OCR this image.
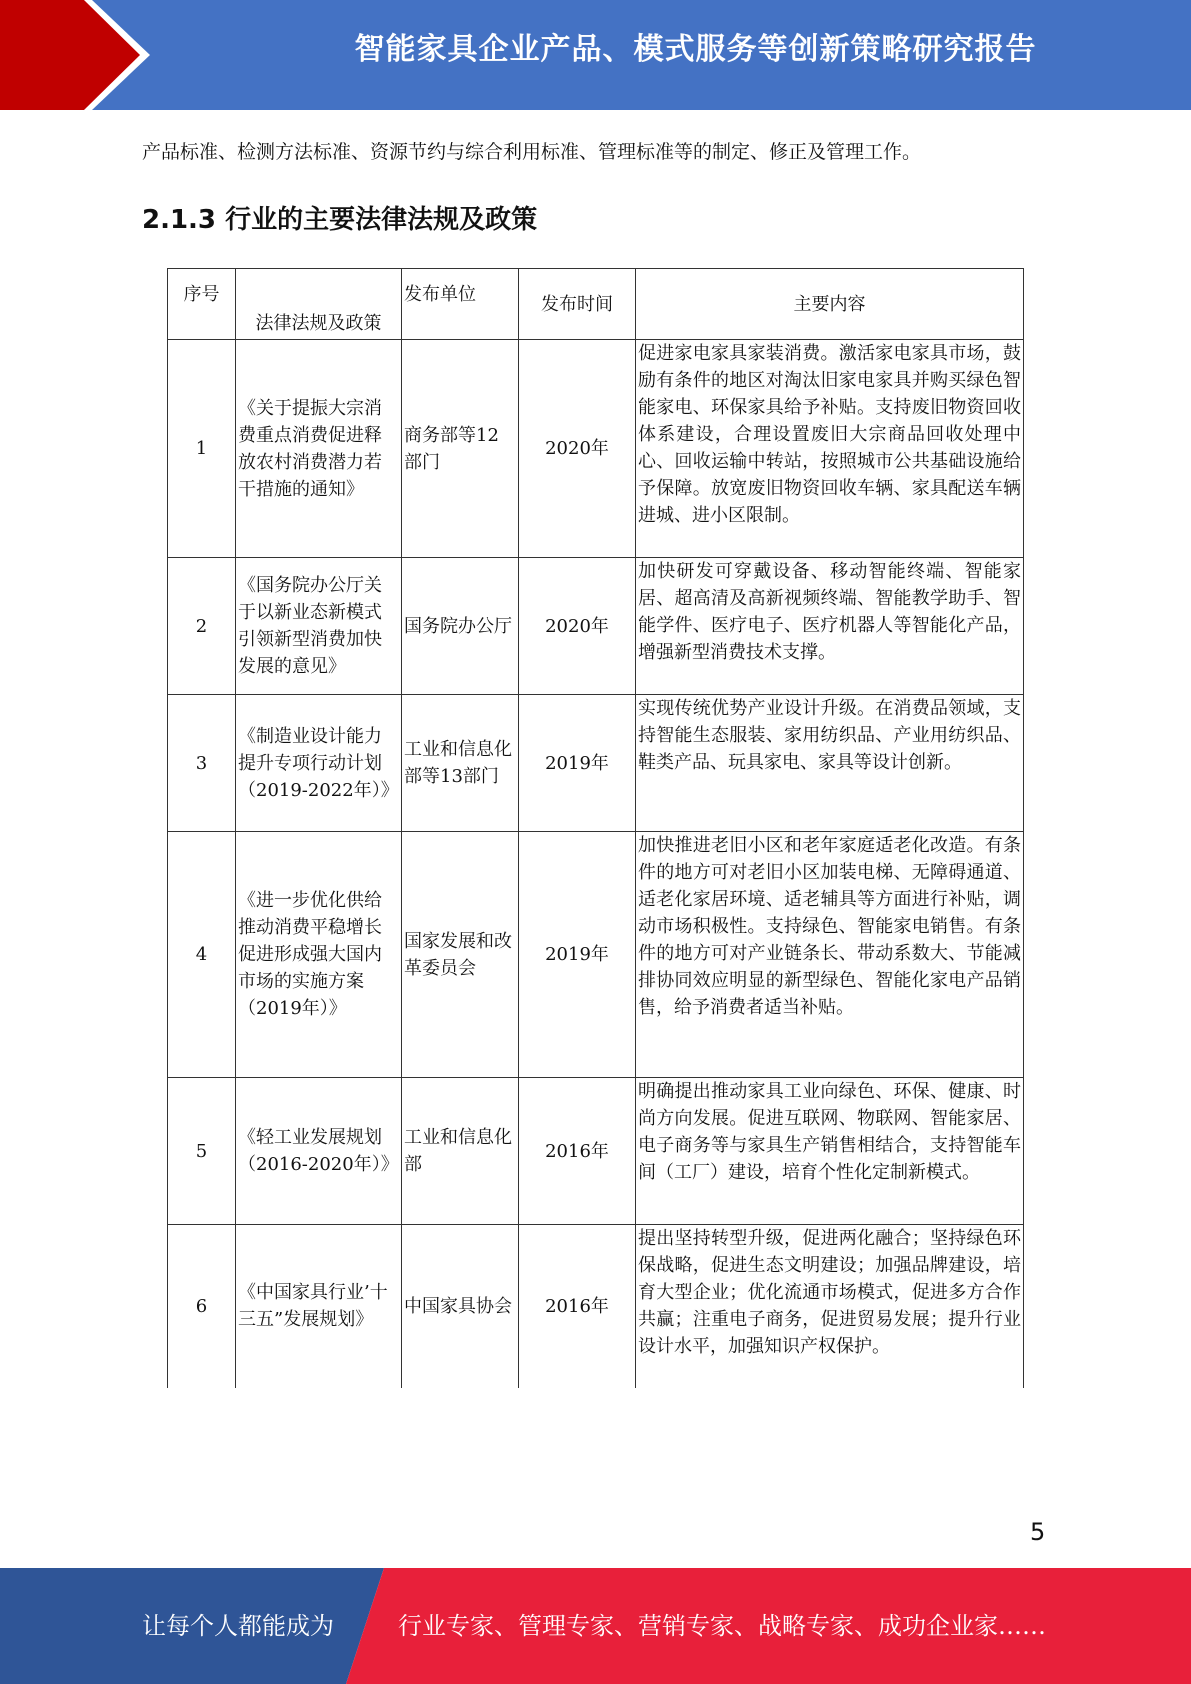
智能家具企业产品、模式服务等创新策略研究报告
产品标准、检测方法标准、资源节约与综合利用标准、管理标准等的制定、修正及管理工作。
2.1.3 行业的主要法律法规及政策
序号	法律法规及政策	发布单位	发布时间	主要内容
1	《关于提振大宗消费重点消费促进释放农村消费潜力若干措施的通知》	商务部等12部门	2020年	促进家电家具家装消费。激活家电家具市场，鼓励有条件的地区对淘汰旧家电家具并购买绿色智能家电、环保家具给予补贴。支持废旧物资回收体系建设，合理设置废旧大宗商品回收处理中心、回收运输中转站，按照城市公共基础设施给予保障。放宽废旧物资回收车辆、家具配送车辆进城、进小区限制。
2	《国务院办公厅关于以新业态新模式引领新型消费加快发展的意见》	国务院办公厅	2020年	加快研发可穿戴设备、移动智能终端、智能家居、超高清及高新视频终端、智能教学助手、智能学件、医疗电子、医疗机器人等智能化产品，增强新型消费技术支撑。
3	《制造业设计能力提升专项行动计划（2019-2022年）》	工业和信息化部等13部门	2019年	实现传统优势产业设计升级。在消费品领域，支持智能生态服装、家用纺织品、产业用纺织品、鞋类产品、玩具家电、家具等设计创新。
4	《进一步优化供给推动消费平稳增长促进形成强大国内市场的实施方案（2019年）》	国家发展和改革委员会	2019年	加快推进老旧小区和老年家庭适老化改造。有条件的地方可对老旧小区加装电梯、无障碍通道、适老化家居环境、适老辅具等方面进行补贴，调动市场积极性。支持绿色、智能家电销售。有条件的地方可对产业链条长、带动系数大、节能减排协同效应明显的新型绿色、智能化家电产品销售，给予消费者适当补贴。
5	《轻工业发展规划（2016-2020年）》	工业和信息化部	2016年	明确提出推动家具工业向绿色、环保、健康、时尚方向发展。促进互联网、物联网、智能家居、电子商务等与家具生产销售相结合，支持智能车间（工厂）建设，培育个性化定制新模式。
6	《中国家具行业’十三五”发展规划》	中国家具协会	2016年	提出坚持转型升级，促进两化融合；坚持绿色环保战略，促进生态文明建设；加强品牌建设，培育大型企业；优化流通市场模式，促进多方合作共赢；注重电子商务，促进贸易发展；提升行业设计水平，加强知识产权保护。
5
让每个人都能成为	行业专家、管理专家、营销专家、战略专家、成功企业家……
